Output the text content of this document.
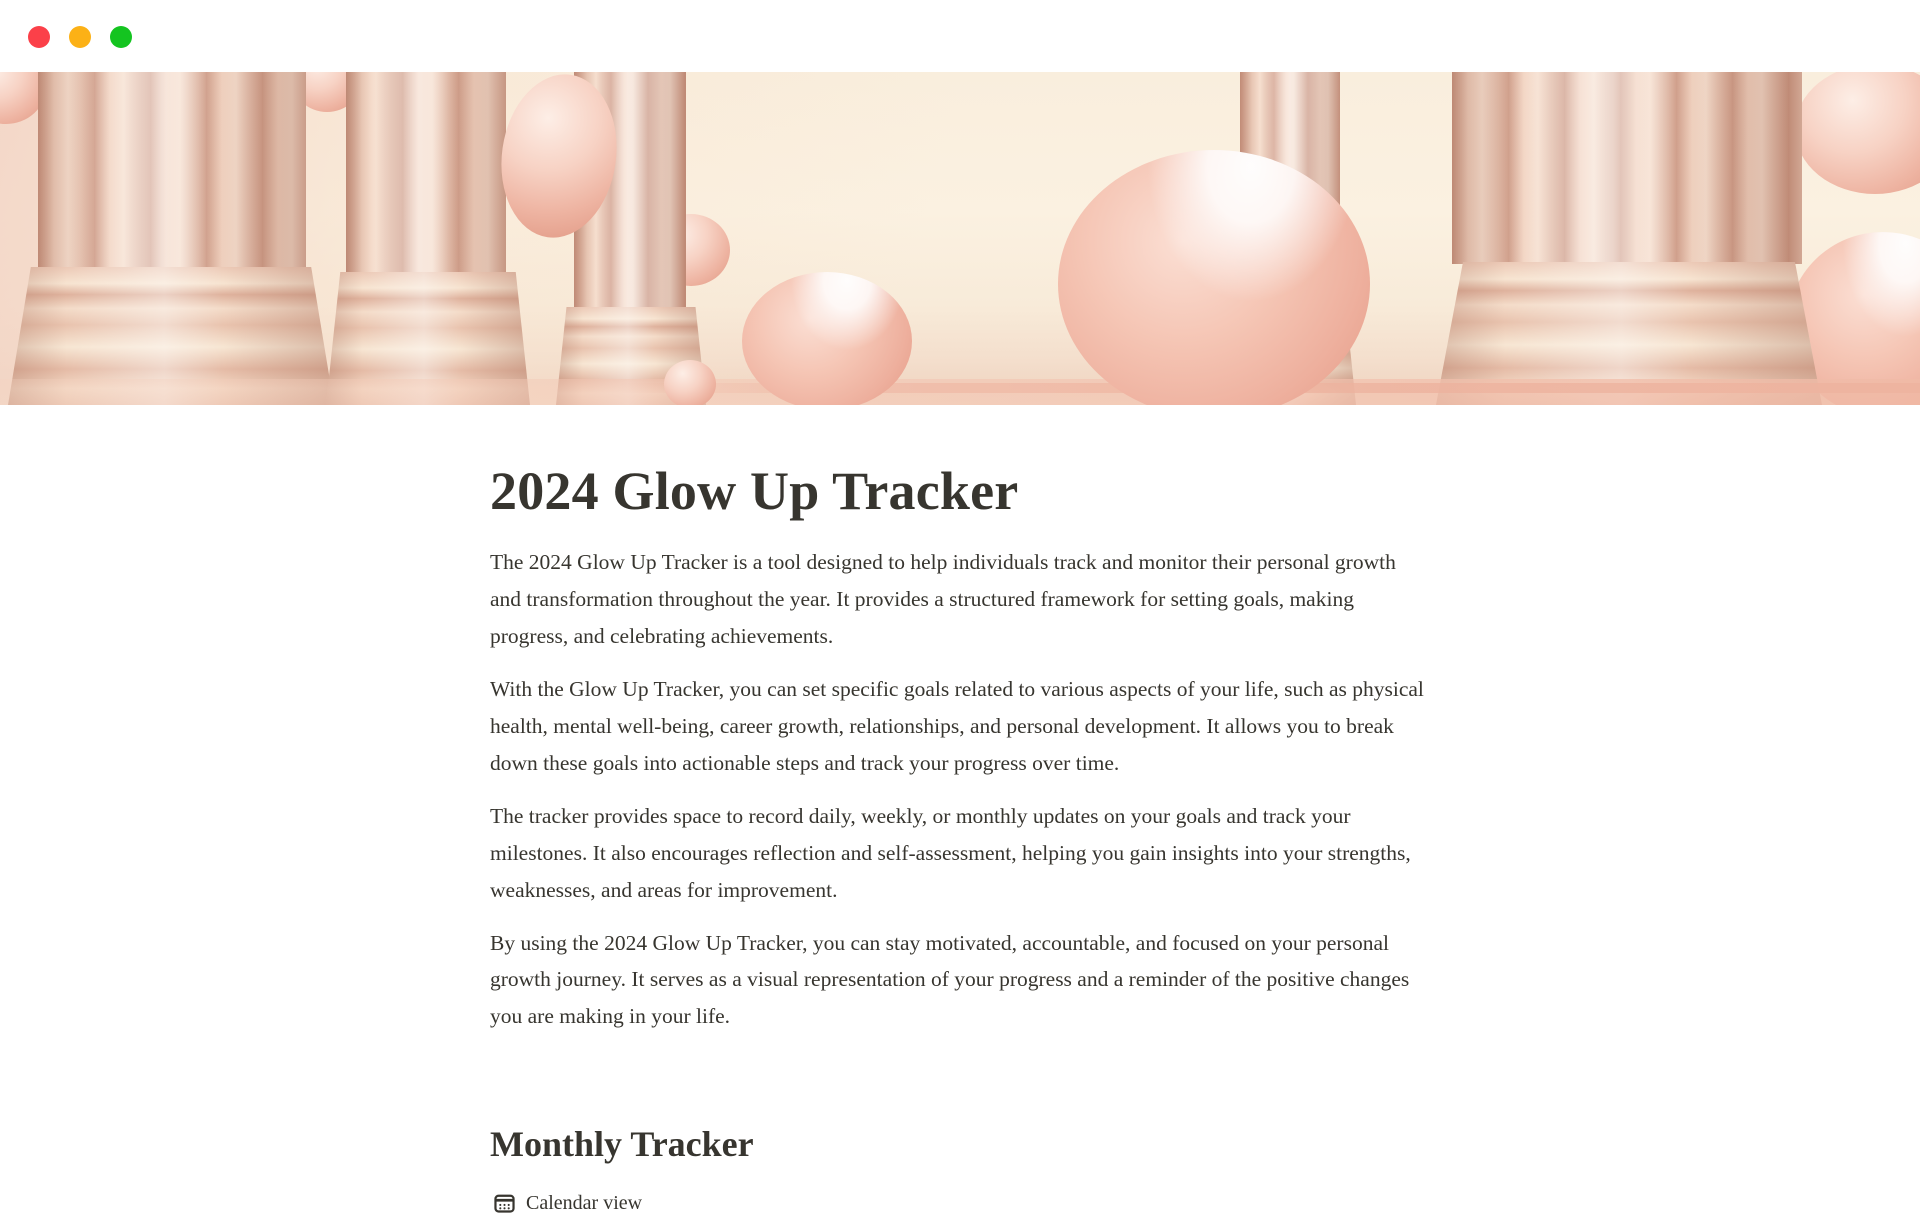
2024 Glow Up Tracker

The 2024 Glow Up Tracker is a tool designed to help individuals track and monitor their personal growth and transformation throughout the year. It provides a structured framework for setting goals, making progress, and celebrating achievements.

With the Glow Up Tracker, you can set specific goals related to various aspects of your life, such as physical health, mental well-being, career growth, relationships, and personal development. It allows you to break down these goals into actionable steps and track your progress over time.

The tracker provides space to record daily, weekly, or monthly updates on your goals and track your milestones. It also encourages reflection and self-assessment, helping you gain insights into your strengths, weaknesses, and areas for improvement.

By using the 2024 Glow Up Tracker, you can stay motivated, accountable, and focused on your personal growth journey. It serves as a visual representation of your progress and a reminder of the positive changes you are making in your life.

Monthly Tracker
Calendar view
